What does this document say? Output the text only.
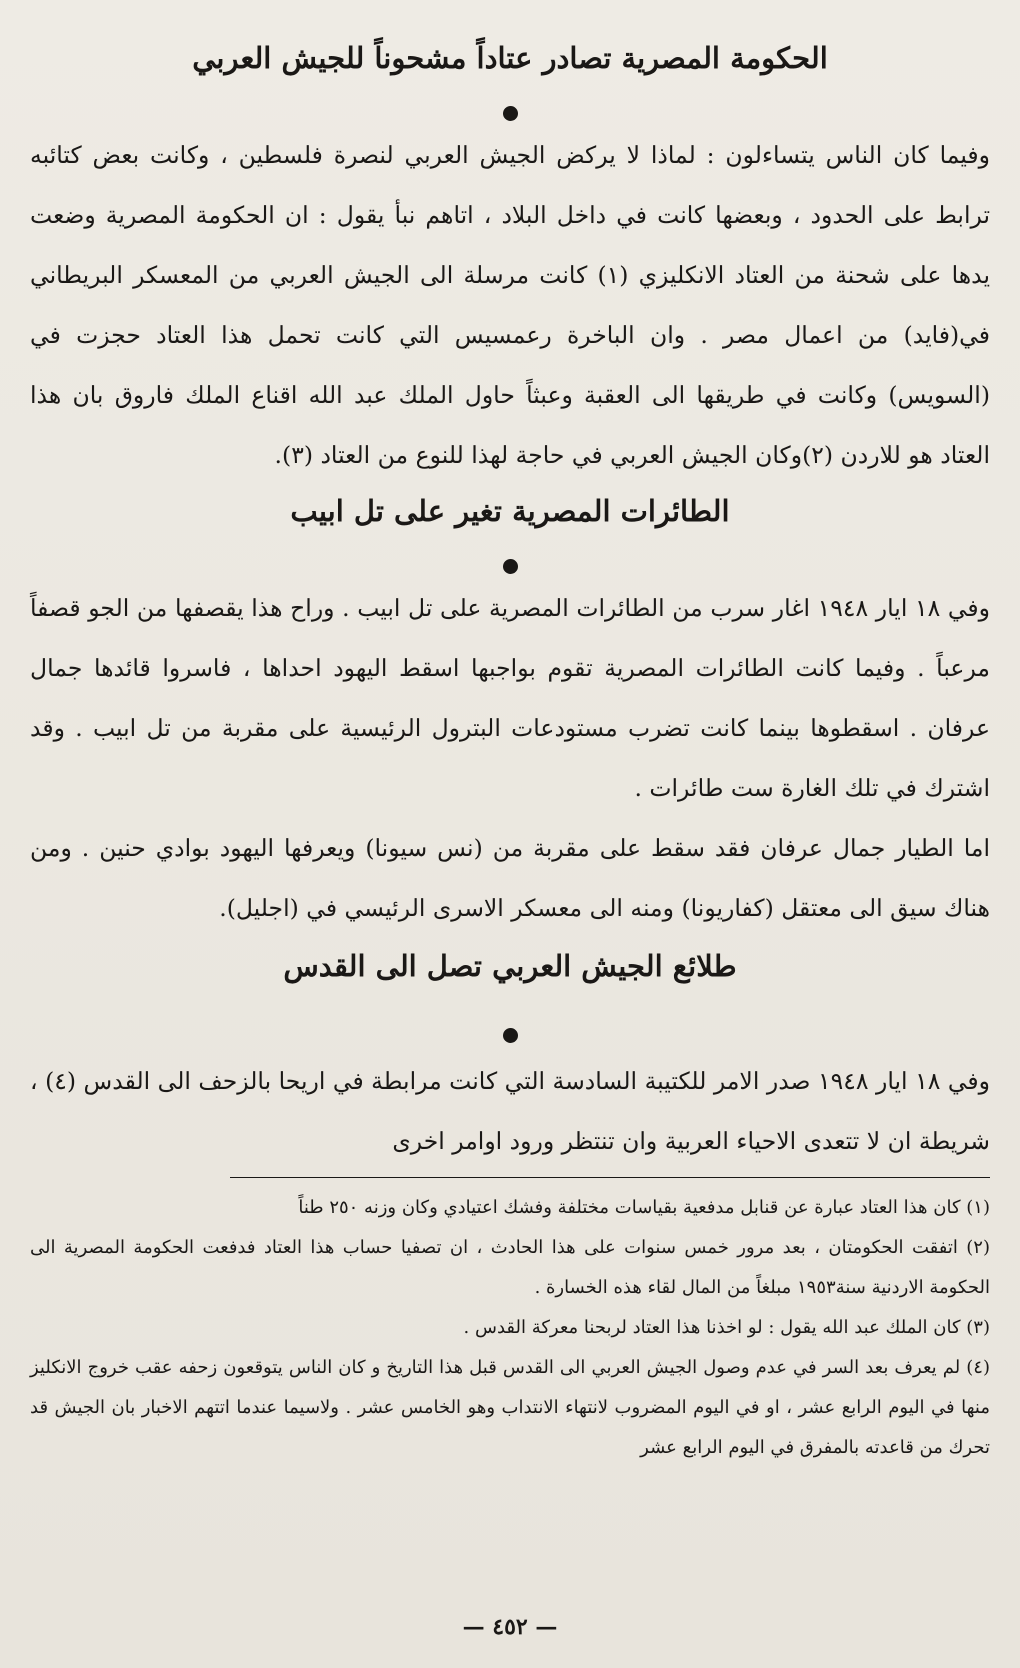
الحكومة المصرية تصادر عتاداً مشحوناً للجيش العربي

وفيما كان الناس يتساءلون : لماذا لا يركض الجيش العربي لنصرة فلسطين ، وكانت بعض كتائبه ترابط على الحدود ، وبعضها كانت في داخل البلاد ، اتاهم نبأ يقول : ان الحكومة المصرية وضعت يدها على شحنة من العتاد الانكليزي (١) كانت مرسلة الى الجيش العربي من المعسكر البريطاني في(فايد) من اعمال مصر . وان الباخرة رعمسيس التي كانت تحمل هذا العتاد حجزت في (السويس) وكانت في طريقها الى العقبة وعبثاً حاول الملك عبد الله اقناع الملك فاروق بان هذا العتاد هو للاردن (٢)وكان الجيش العربي في حاجة لهذا للنوع من العتاد (٣).

الطائرات المصرية تغير على تل ابيب

وفي ١٨ ايار ١٩٤٨ اغار سرب من الطائرات المصرية على تل ابيب . وراح هذا يقصفها من الجو قصفاً مرعباً . وفيما كانت الطائرات المصرية تقوم بواجبها اسقط اليهود احداها ، فاسروا قائدها جمال عرفان . اسقطوها بينما كانت تضرب مستودعات البترول الرئيسية على مقربة من تل ابيب . وقد اشترك في تلك الغارة ست طائرات .

اما الطيار جمال عرفان فقد سقط على مقربة من (نس سيونا) ويعرفها اليهود بوادي حنين . ومن هناك سيق الى معتقل (كفاريونا) ومنه الى معسكر الاسرى الرئيسي في (اجليل).

طلائع الجيش العربي تصل الى القدس

وفي ١٨ ايار ١٩٤٨ صدر الامر للكتيبة السادسة التي كانت مرابطة في اريحا بالزحف الى القدس (٤) ، شريطة ان لا تتعدى الاحياء العربية وان تنتظر ورود اوامر اخرى

(١) كان هذا العتاد عبارة عن قنابل مدفعية بقياسات مختلفة وفشك اعتيادي وكان وزنه ٢٥٠ طناً

(٢) اتفقت الحكومتان ، بعد مرور خمس سنوات على هذا الحادث ، ان تصفيا حساب هذا العتاد فدفعت الحكومة المصرية الى الحكومة الاردنية سنة١٩٥٣ مبلغاً من المال لقاء هذه الخسارة .

(٣) كان الملك عبد الله يقول : لو اخذنا هذا العتاد لربحنا معركة القدس .

(٤) لم يعرف بعد السر في عدم وصول الجيش العربي الى القدس قبل هذا التاريخ و كان الناس يتوقعون زحفه عقب خروج الانكليز منها في اليوم الرابع عشر ، او في اليوم المضروب لانتهاء الانتداب وهو الخامس عشر . ولاسيما عندما اتتهم الاخبار بان الجيش قد تحرك من قاعدته بالمفرق في اليوم الرابع عشر

— ٤٥٢ —
